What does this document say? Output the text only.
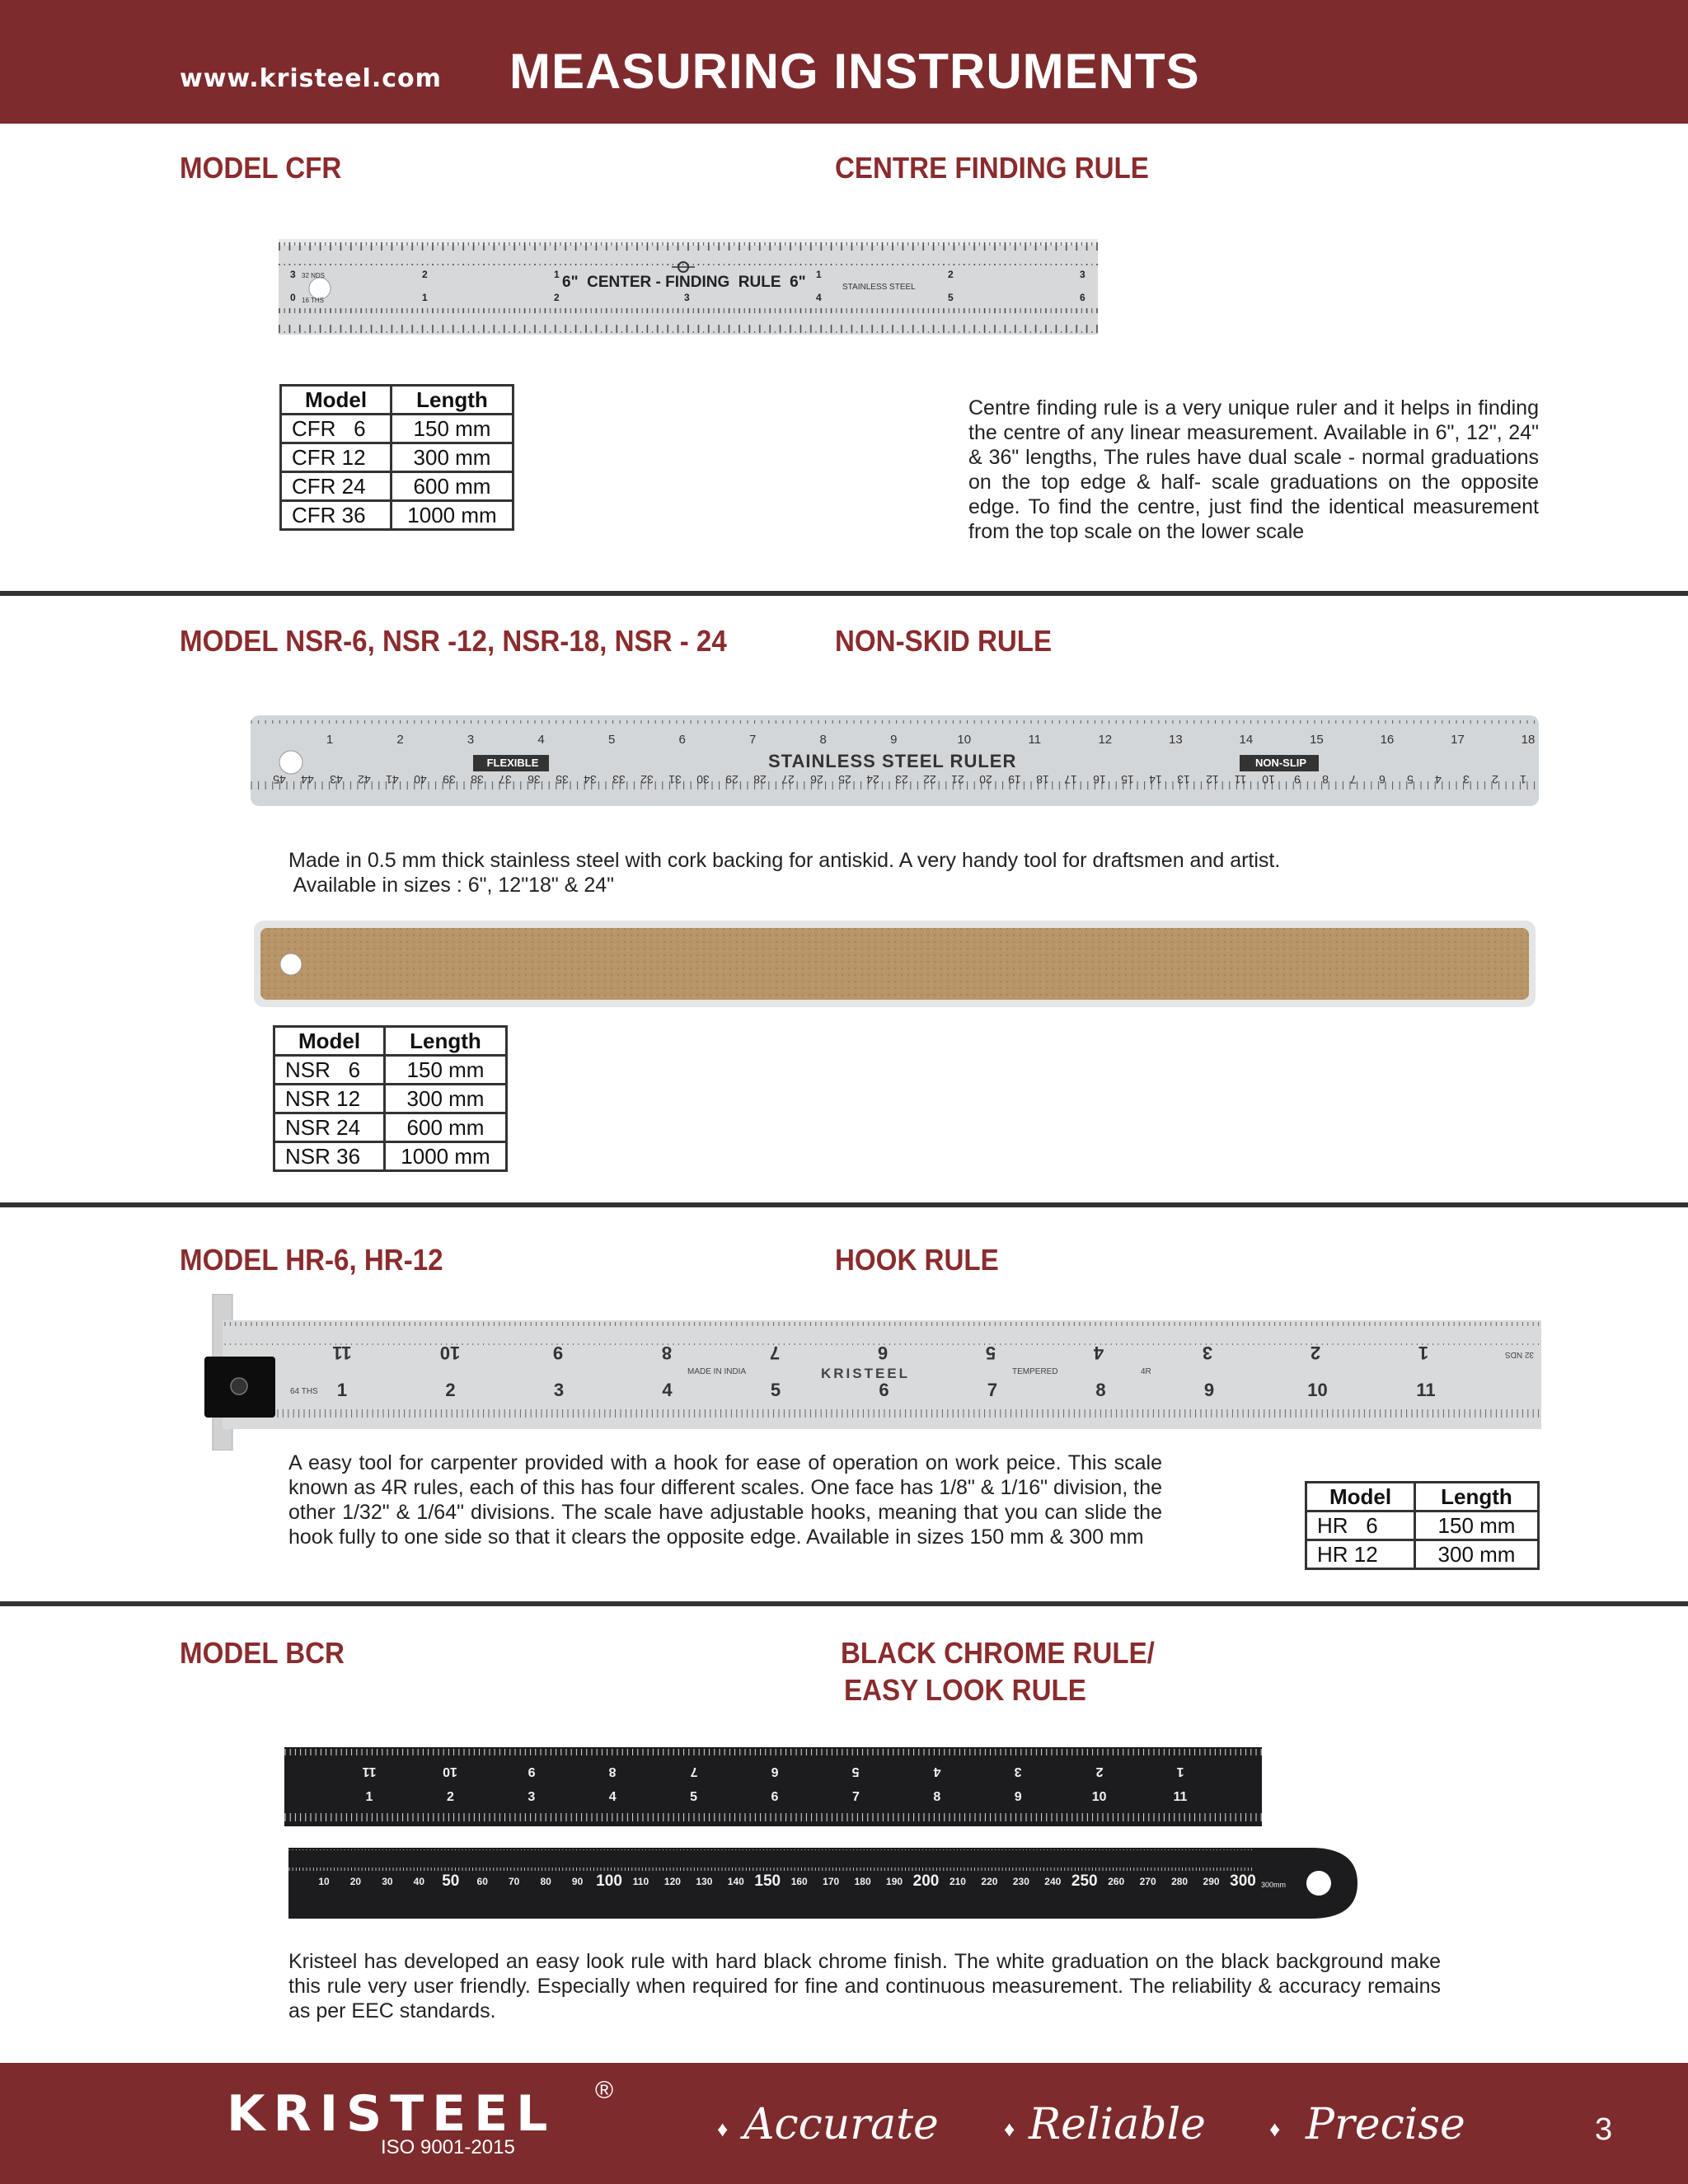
www.kristeel.com MEASURING INSTRUMENTS
MODEL CFR	CENTRE FINDING RULE
6"  CENTER - FINDING  RULE  6"	STAINLESS STEEL
32 NDS
16 THS
3	2	1	1	2	3
0	1	2	3	4	5	6
Model	Length
CFR   6	150 mm
CFR 12	300 mm
CFR 24	600 mm
CFR 36	1000 mm
Centre finding rule is a very unique ruler and it helps in finding the centre of any linear measurement. Available in 6", 12", 24" & 36" lengths, The rules have dual scale - normal graduations on the top edge & half- scale graduations on the opposite edge. To find the centre, just find the identical measurement from the top scale on the lower scale
MODEL NSR-6, NSR -12, NSR-18, NSR - 24	NON-SKID RULE
STAINLESS STEEL RULER
FLEXIBLE	NON-SLIP
1	2	3	4	5	6	7	8	9	10	11	12	13	14	15	16	17	18
45 44 43 42 41 40 39 38 37 36 35 34 33 32 31 30 29 28 27 26 25 24 23 22 21 20 19 18 17 16 15 14 13 12 11 10 9 8 7 6 5 4 3 2 1
Made in 0.5 mm thick stainless steel with cork backing for antiskid. A very handy tool for draftsmen and artist.
Available in sizes : 6", 12"18" & 24"
Model	Length
NSR   6	150 mm
NSR 12	300 mm
NSR 24	600 mm
NSR 36	1000 mm
MODEL HR-6, HR-12	HOOK RULE
KRISTEEL
MADE IN INDIA	TEMPERED	4R
64 THS
32 NDS
11	10	9	8	7	6	5	4	3	2	1
1	2	3	4	5	6	7	8	9	10	11
A easy tool for carpenter provided with a hook for ease of operation on work peice. This scale known as 4R rules, each of this has four different scales. One face has 1/8" & 1/16" division, the other 1/32" & 1/64" divisions. The scale have adjustable hooks, meaning that you can slide the hook fully to one side so that it clears the opposite edge. Available in sizes 150 mm & 300 mm
Model	Length
HR   6	150 mm
HR 12	300 mm
MODEL BCR	BLACK CHROME RULE/
EASY LOOK RULE
11	10	9	8	7	6	5	4	3	2	1
1	2	3	4	5	6	7	8	9	10	11
10 20 30 40 50 60 70 80 90 100 110 120 130 140 150 160 170 180 190 200 210 220 230 240 250 260 270 280 290 300 300mm
Kristeel has developed an easy look rule with hard black chrome finish. The white graduation on the black background make this rule very user friendly. Especially when required for fine and continuous measurement. The reliability & accuracy remains as per EEC standards.
KRISTEEL ®
ISO 9001-2015
♦ Accurate	♦ Reliable	♦ Precise	3
